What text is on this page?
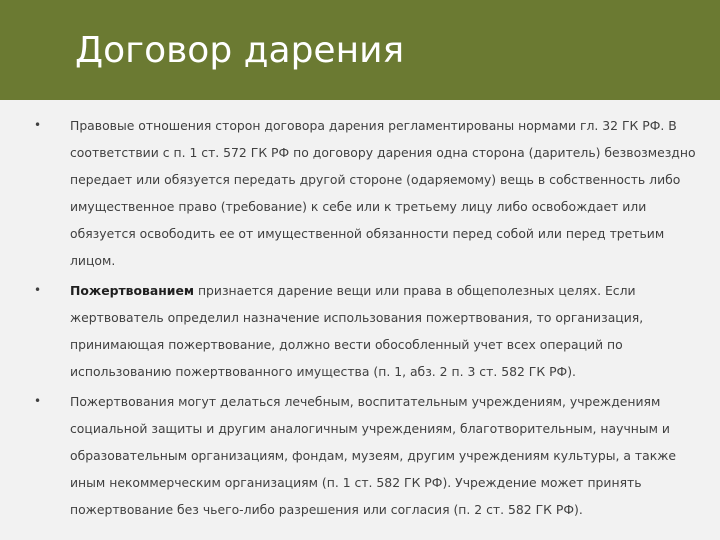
Договор дарения
• Правовые отношения сторон договора дарения регламентированы нормами гл. 32 ГК РФ. В соответствии с п. 1 ст. 572 ГК РФ по договору дарения одна сторона (даритель) безвозмездно передает или обязуется передать другой стороне (одаряемому) вещь в собственность либо имущественное право (требование) к себе или к третьему лицу либо освобождает или обязуется освободить ее от имущественной обязанности перед собой или перед третьим лицом.

• Пожертвованием признается дарение вещи или права в общеполезных целях. Если жертвователь определил назначение использования пожертвования, то организация, принимающая пожертвование, должно вести обособленный учет всех операций по использованию пожертвованного имущества (п. 1, абз. 2 п. 3 ст. 582 ГК РФ).

• Пожертвования могут делаться лечебным, воспитательным учреждениям, учреждениям социальной защиты и другим аналогичным учреждениям, благотворительным, научным и образовательным организациям, фондам, музеям, другим учреждениям культуры, а также иным некоммерческим организациям (п. 1 ст. 582 ГК РФ). Учреждение может принять пожертвование без чьего-либо разрешения или согласия (п. 2 ст. 582 ГК РФ).
